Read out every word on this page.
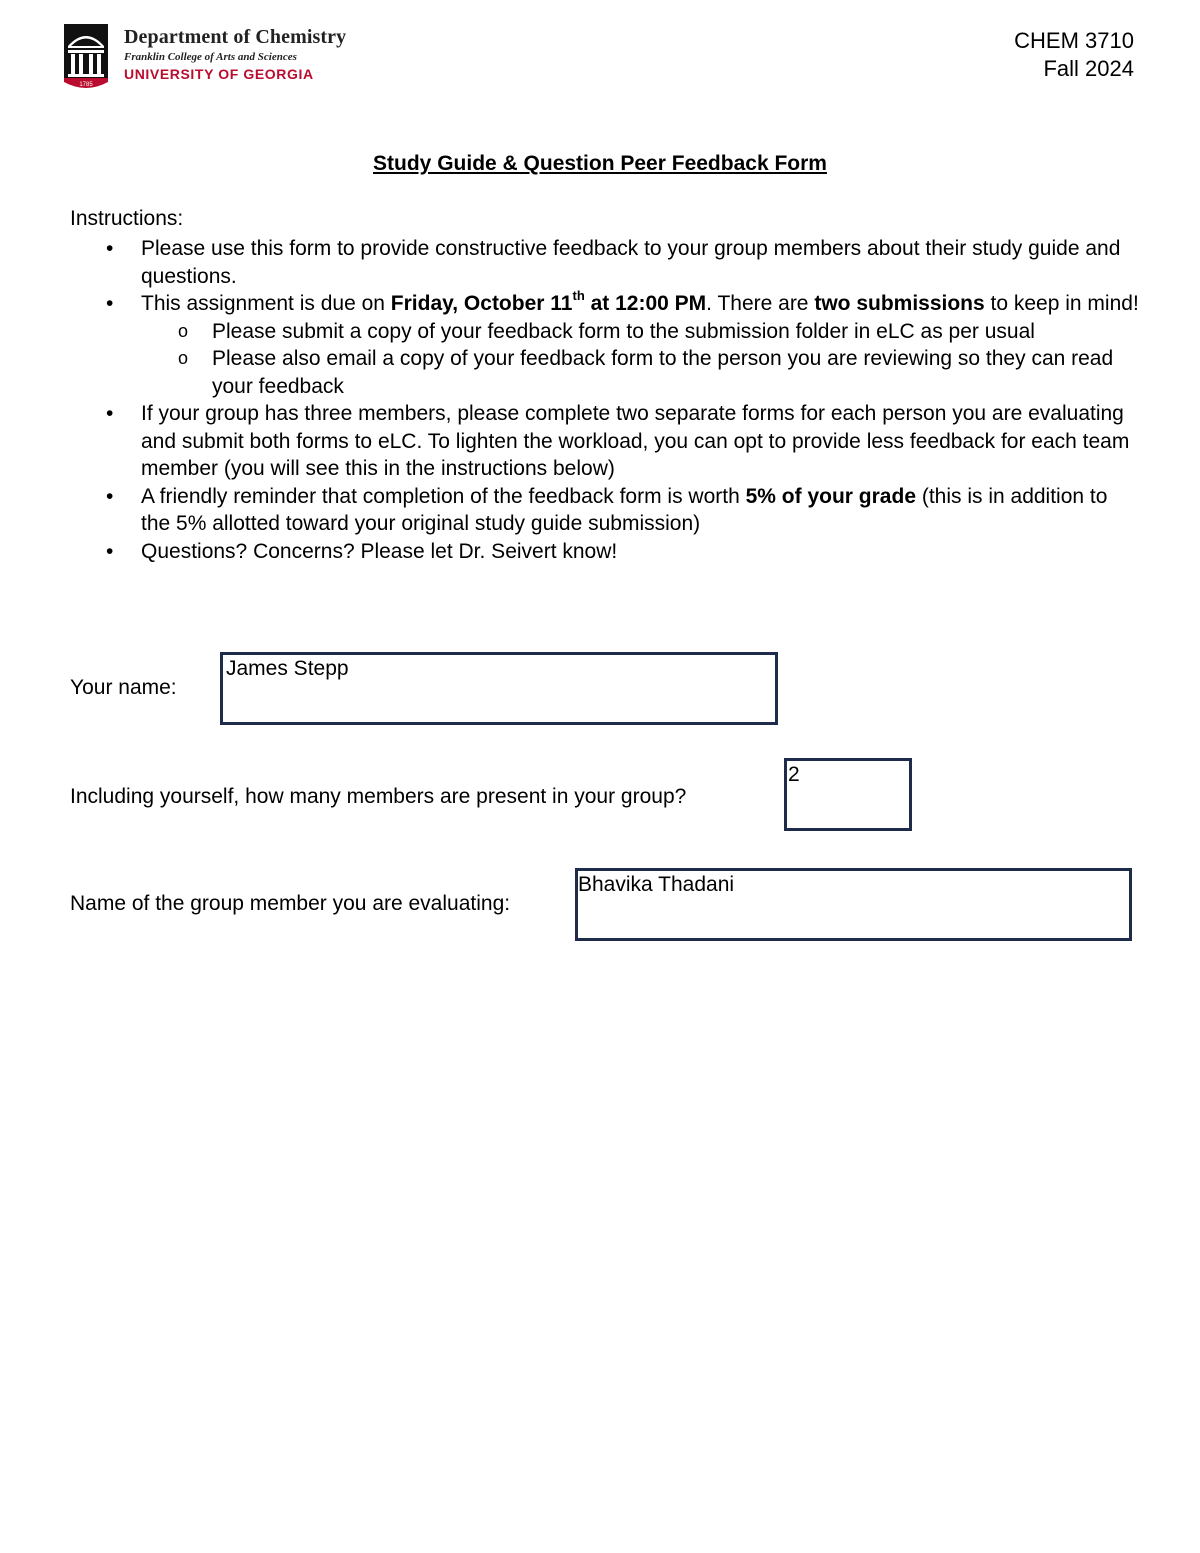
1785
Department of Chemistry
Franklin College of Arts and Sciences
UNIVERSITY OF GEORGIA
CHEM 3710
Fall 2024
Study Guide & Question Peer Feedback Form
Instructions:
• Please use this form to provide constructive feedback to your group members about their study guide and questions.
• This assignment is due on Friday, October 11th at 12:00 PM. There are two submissions to keep in mind!
o Please submit a copy of your feedback form to the submission folder in eLC as per usual
o Please also email a copy of your feedback form to the person you are reviewing so they can read your feedback
• If your group has three members, please complete two separate forms for each person you are evaluating and submit both forms to eLC. To lighten the workload, you can opt to provide less feedback for each team member (you will see this in the instructions below)
• A friendly reminder that completion of the feedback form is worth 5% of your grade (this is in addition to the 5% allotted toward your original study guide submission)
• Questions? Concerns? Please let Dr. Seivert know!
Your name:
James Stepp
Including yourself, how many members are present in your group?
2
Name of the group member you are evaluating:
Bhavika Thadani
